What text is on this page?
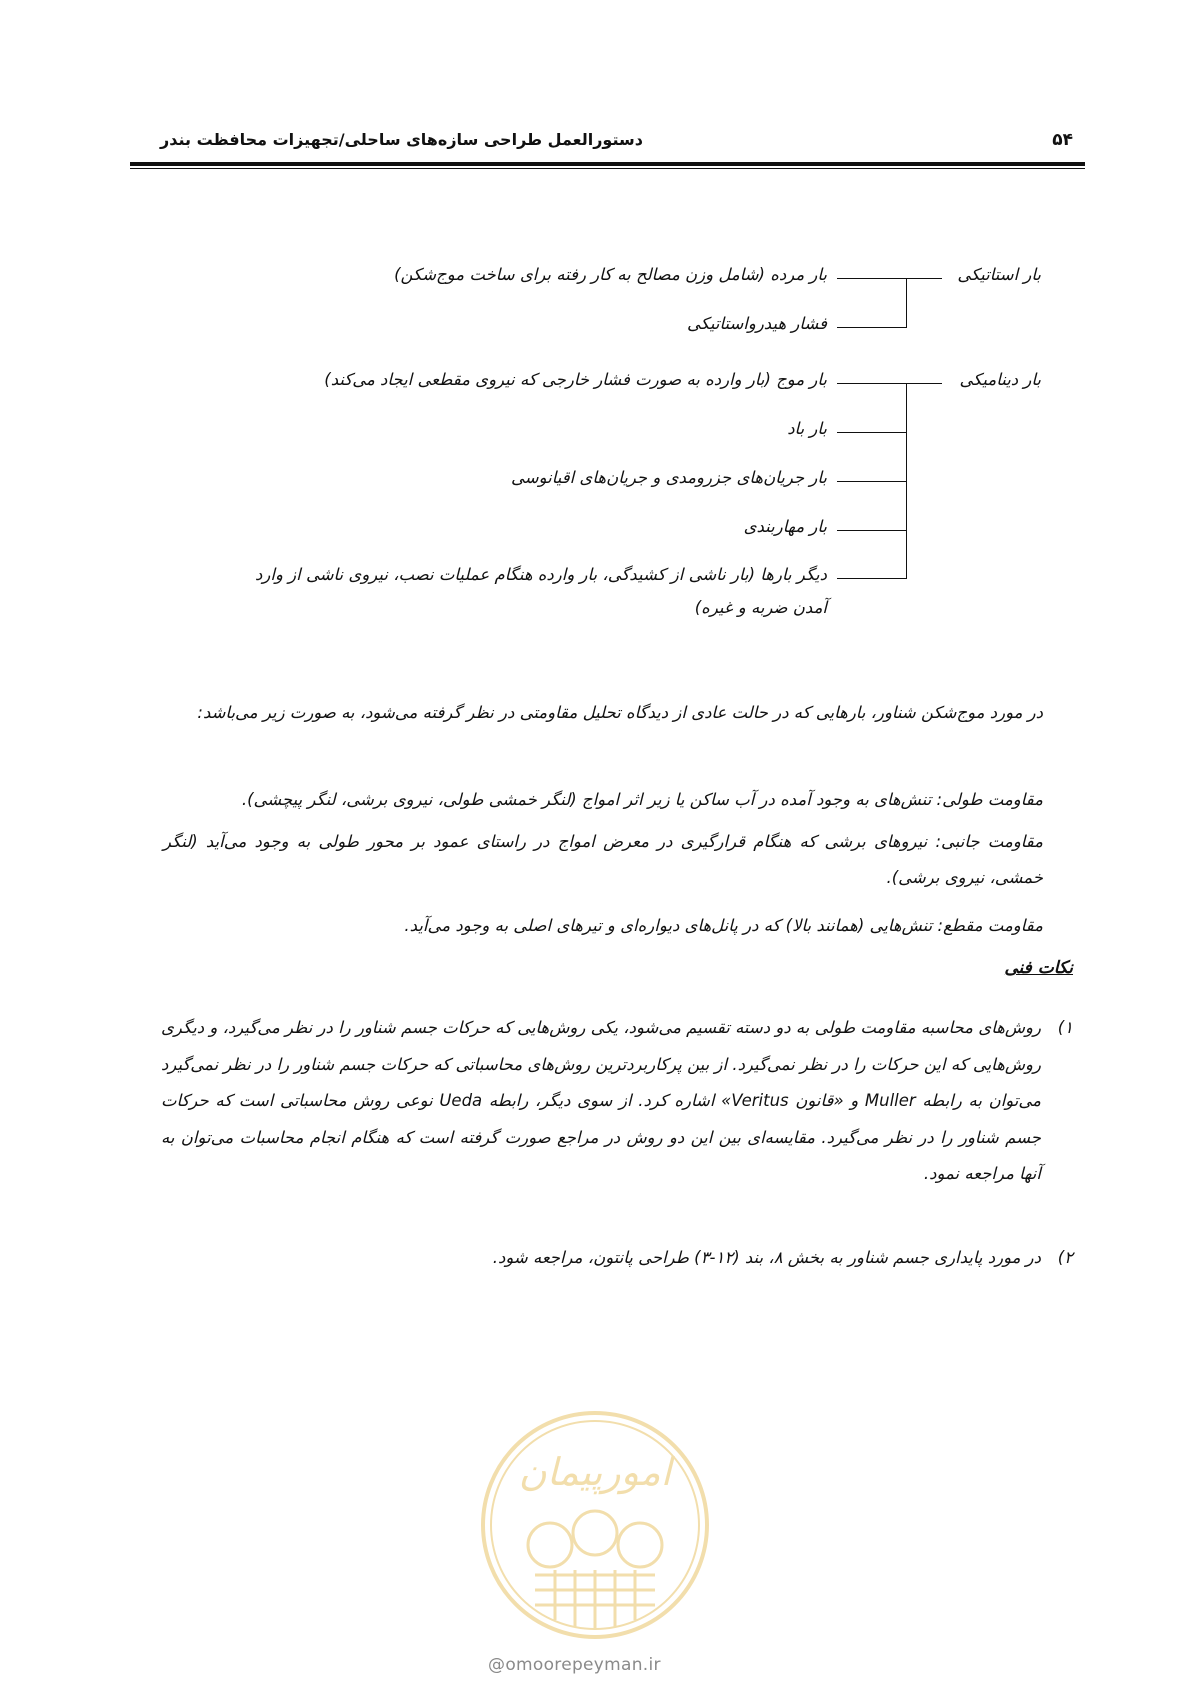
۵۴
دستورالعمل طراحی سازه‌های ساحلی/تجهیزات محافظت بندر
بار استاتیکی
بار مرده (شامل وزن مصالح به کار رفته برای ساخت موج‌شکن)
فشار هیدرواستاتیکی
بار دینامیکی
بار موج (بار وارده به صورت فشار خارجی که نیروی مقطعی ایجاد می‌کند)
بار باد
بار جریان‌های جزرومدی و جریان‌های اقیانوسی
بار مهاربندی
دیگر بارها (بار ناشی از کشیدگی، بار وارده هنگام عملیات نصب، نیروی ناشی از وارد
آمدن ضربه و غیره)
در مورد موج‌شکن شناور، بارهایی که در حالت عادی از دیدگاه تحلیل مقاومتی در نظر گرفته می‌شود، به صورت زیر می‌باشد:
مقاومت طولی: تنش‌های به وجود آمده در آب ساکن یا زیر اثر امواج (لنگر خمشی طولی، نیروی برشی، لنگر پیچشی).
مقاومت جانبی: نیروهای برشی که هنگام قرارگیری در معرض امواج در راستای عمود بر محور طولی به وجود می‌آید (لنگر خمشی، نیروی برشی).
مقاومت مقطع: تنش‌هایی (همانند بالا) که در پانل‌های دیواره‌ای و تیرهای اصلی به وجود می‌آید.
نکات فنی
۱)
روش‌های محاسبه مقاومت طولی به دو دسته تقسیم می‌شود، یکی روش‌هایی که حرکات جسم شناور را در نظر می‌گیرد، و دیگری روش‌هایی که این حرکات را در نظر نمی‌گیرد. از بین پرکاربردترین روش‌های محاسباتی که حرکات جسم شناور را در نظر نمی‌گیرد می‌توان به رابطه Muller و «قانون Veritus» اشاره کرد. از سوی دیگر، رابطه Ueda نوعی روش محاسباتی است که حرکات جسم شناور را در نظر می‌گیرد. مقایسه‌ای بین این دو روش در مراجع صورت گرفته است که هنگام انجام محاسبات می‌توان به آنها مراجعه نمود.
۲)
در مورد پایداری جسم شناور به بخش ۸، بند (۱۲-۳) طراحی پانتون، مراجعه شود.
امورپیمان
@omoorepeyman.ir
